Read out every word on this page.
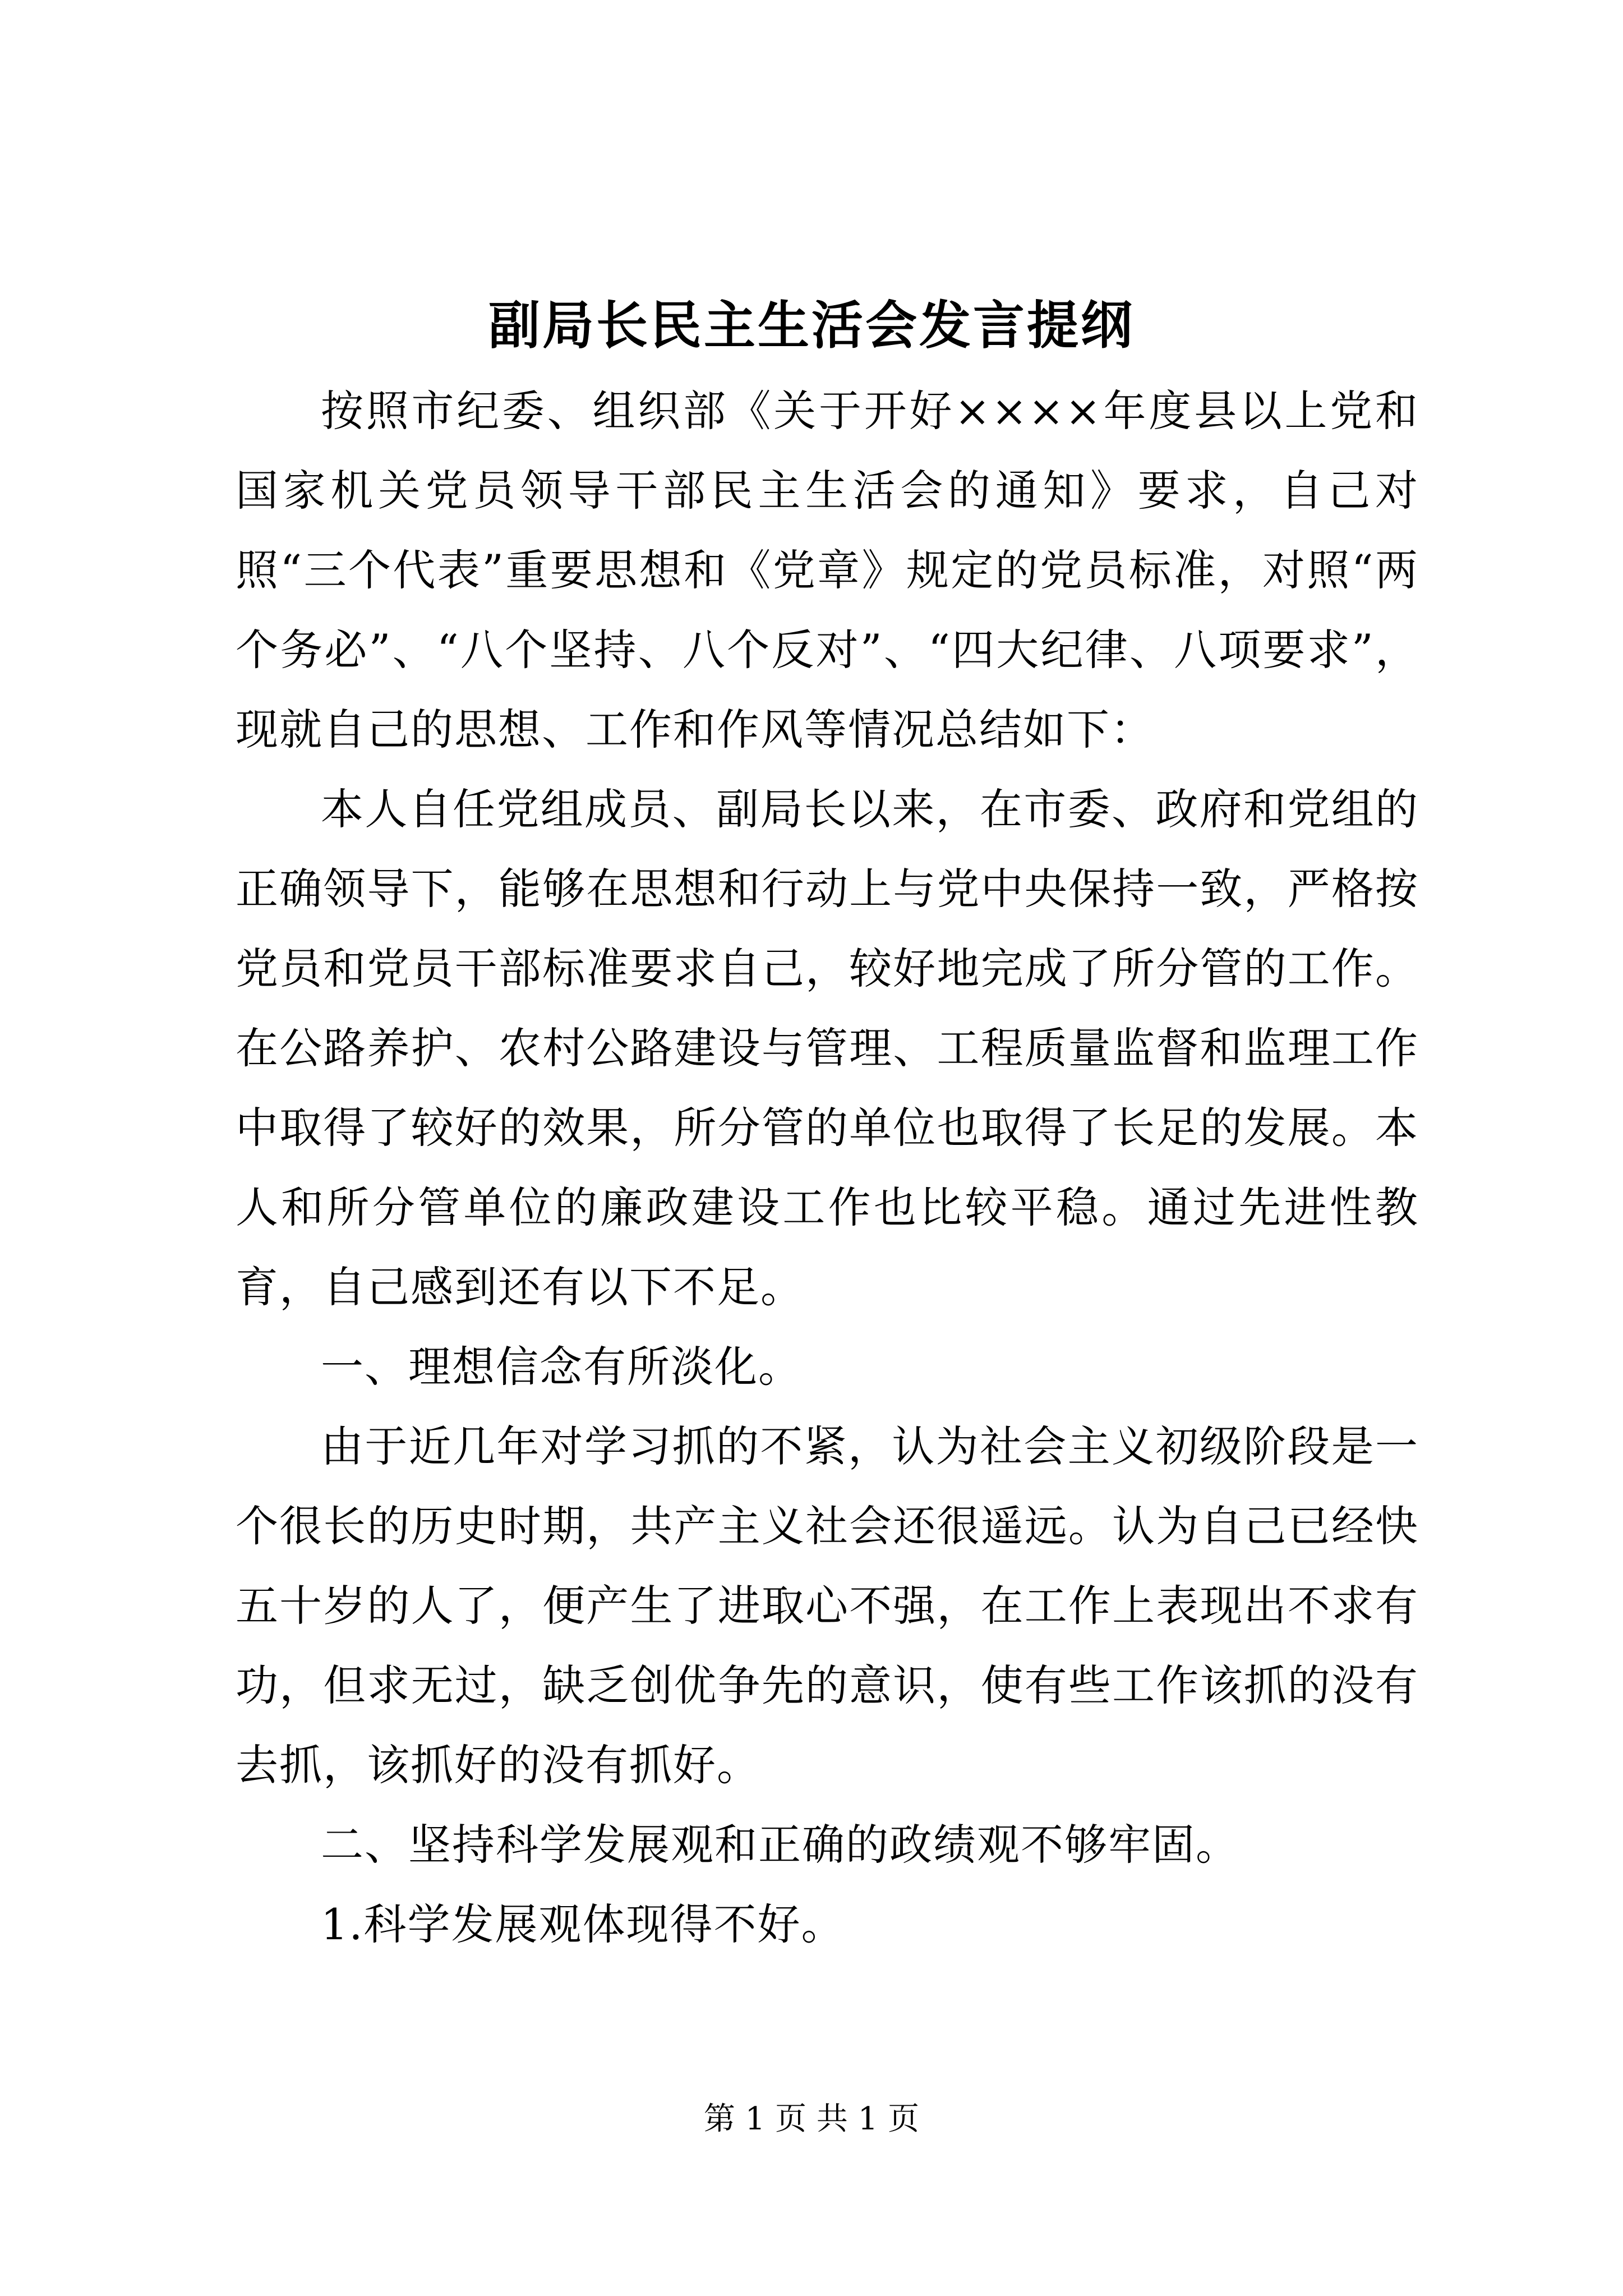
副局长民主生活会发言提纲

按照市纪委、组织部《关于开好××××年度县以上党和国家机关党员领导干部民主生活会的通知》要求，自己对照“三个代表”重要思想和《党章》规定的党员标准，对照“两个务必”、“八个坚持、八个反对”、“四大纪律、八项要求”，现就自己的思想、工作和作风等情况总结如下：

本人自任党组成员、副局长以来，在市委、政府和党组的正确领导下，能够在思想和行动上与党中央保持一致，严格按党员和党员干部标准要求自己，较好地完成了所分管的工作。在公路养护、农村公路建设与管理、工程质量监督和监理工作中取得了较好的效果，所分管的单位也取得了长足的发展。本人和所分管单位的廉政建设工作也比较平稳。通过先进性教育，自己感到还有以下不足。

一、理想信念有所淡化。

由于近几年对学习抓的不紧，认为社会主义初级阶段是一个很长的历史时期，共产主义社会还很遥远。认为自己已经快五十岁的人了，便产生了进取心不强，在工作上表现出不求有功，但求无过，缺乏创优争先的意识，使有些工作该抓的没有去抓，该抓好的没有抓好。

二、坚持科学发展观和正确的政绩观不够牢固。

1.科学发展观体现得不好。

第 1 页 共 1 页
